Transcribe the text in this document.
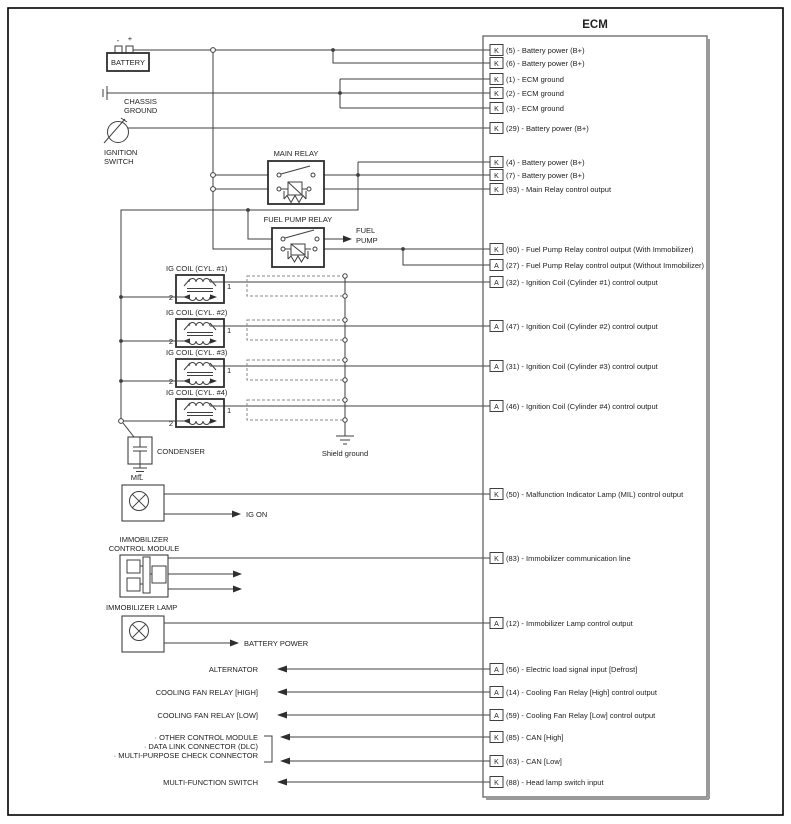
- +
BATTERY
CHASSIS
GROUND
IGNITION
SWITCH
MAIN RELAY
FUEL PUMP RELAY
FUEL
PUMP
IG COIL (CYL. #1)
2
1
IG COIL (CYL. #2)
2
1
IG COIL (CYL. #3)
2
1
IG COIL (CYL. #4)
2
1
Shield ground
CONDENSER
MIL
IG ON
IMMOBILIZER
CONTROL MODULE
IMMOBILIZER LAMP
BATTERY POWER
ALTERNATOR
COOLING FAN RELAY [HIGH]
COOLING FAN RELAY [LOW]
· OTHER CONTROL MODULE
· DATA LINK CONNECTOR (DLC)
· MULTI-PURPOSE CHECK CONNECTOR
MULTI-FUNCTION SWITCH
ECM
K (5) - Battery power (B+)
K (6) - Battery power (B+)
K (1) - ECM ground
K (2) - ECM ground
K (3) - ECM ground
K (29) - Battery power (B+)
K (4) - Battery power (B+)
K (7) - Battery power (B+)
K (93) - Main Relay control output
K (90) - Fuel Pump Relay control output (With Immobilizer)
A (27) - Fuel Pump Relay control output (Without Immobilizer)
A (32) - Ignition Coil (Cylinder #1) control output
A (47) - Ignition Coil (Cylinder #2) control output
A (31) - Ignition Coil (Cylinder #3) control output
A (46) - Ignition Coil (Cylinder #4) control output
K (50) - Malfunction Indicator Lamp (MIL) control output
K (83) - Immobilizer communication line
A (12) - Immobilizer Lamp control output
A (56) - Electric load signal input [Defrost]
A (14) - Cooling Fan Relay [High] control output
A (59) - Cooling Fan Relay [Low] control output
K (85) - CAN [High]
K (63) - CAN [Low]
K (88) - Head lamp switch input
